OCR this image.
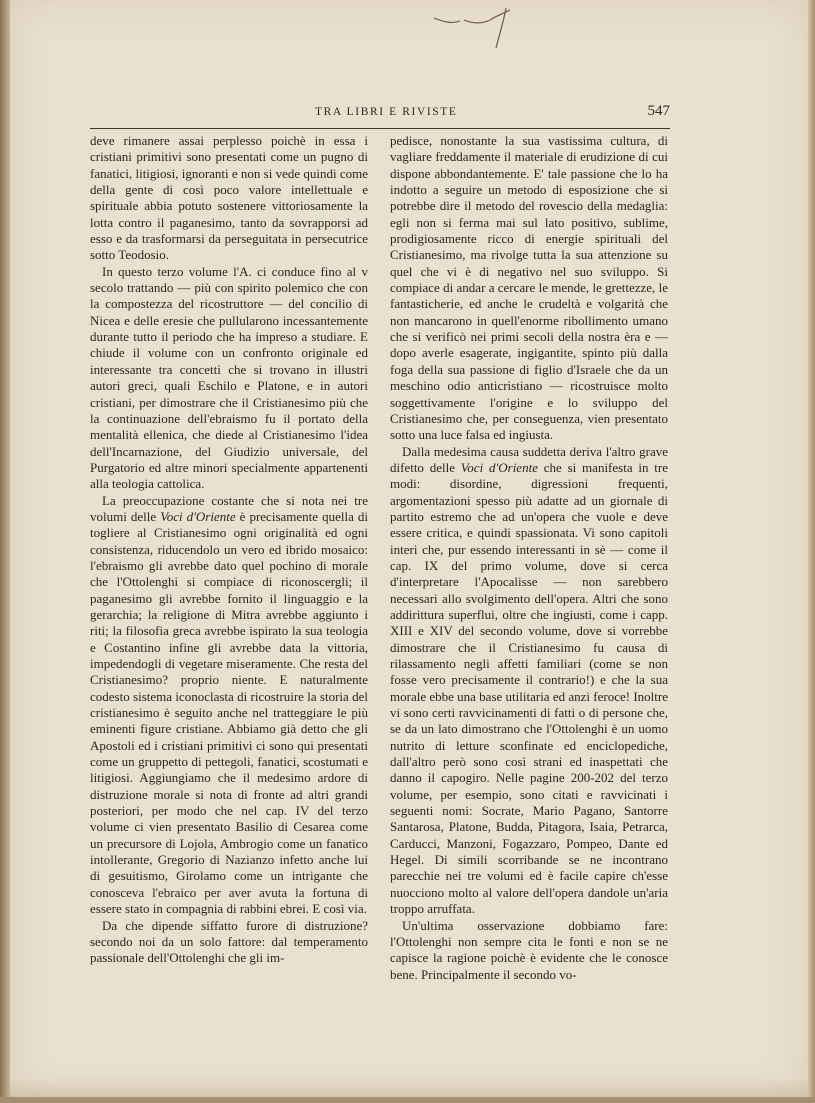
TRA LIBRI E RIVISTE	547

deve rimanere assai perplesso poichè in essa i cristiani primitivi sono presentati come un pugno di fanatici, litigiosi, ignoranti e non si vede quindi come della gente di così poco valore intellettuale e spirituale abbia potuto sostenere vittoriosamente la lotta contro il paganesimo, tanto da sovrapporsi ad esso e da trasformarsi da perseguitata in persecutrice sotto Teodosio.

In questo terzo volume l'A. ci conduce fino al v secolo trattando — più con spirito polemico che con la compostezza del ricostruttore — del concilio di Nicea e delle eresie che pullularono incessantemente durante tutto il periodo che ha impreso a studiare. E chiude il volume con un confronto originale ed interessante tra concetti che si trovano in illustri autori greci, quali Eschilo e Platone, e in autori cristiani, per dimostrare che il Cristianesimo più che la continuazione dell'ebraismo fu il portato della mentalità ellenica, che diede al Cristianesimo l'idea dell'Incarnazione, del Giudizio universale, del Purgatorio ed altre minori specialmente appartenenti alla teologia cattolica.

La preoccupazione costante che si nota nei tre volumi delle Voci d'Oriente è precisamente quella di togliere al Cristianesimo ogni originalità ed ogni consistenza, riducendolo un vero ed ibrido mosaico: l'ebraismo gli avrebbe dato quel pochino di morale che l'Ottolenghi si compiace di riconoscergli; il paganesimo gli avrebbe fornito il linguaggio e la gerarchia; la religione di Mitra avrebbe aggiunto i riti; la filosofia greca avrebbe ispirato la sua teologia e Costantino infine gli avrebbe data la vittoria, impedendogli di vegetare miseramente. Che resta del Cristianesimo? proprio niente. E naturalmente codesto sistema iconoclasta di ricostruire la storia del cristianesimo è seguito anche nel tratteggiare le più eminenti figure cristiane. Abbiamo già detto che gli Apostoli ed i cristiani primitivi ci sono qui presentati come un gruppetto di pettegoli, fanatici, scostumati e litigiosi. Aggiungiamo che il medesimo ardore di distruzione morale si nota di fronte ad altri grandi posteriori, per modo che nel cap. IV del terzo volume ci vien presentato Basilio di Cesarea come un precursore di Lojola, Ambrogio come un fanatico intollerante, Gregorio di Nazianzo infetto anche lui di gesuitismo, Girolamo come un intrigante che conosceva l'ebraico per aver avuta la fortuna di essere stato in compagnia di rabbini ebrei. E così via.

Da che dipende siffatto furore di distruzione? secondo noi da un solo fattore: dal temperamento passionale dell'Ottolenghi che gli im-

pedisce, nonostante la sua vastissima cultura, di vagliare freddamente il materiale di erudizione di cui dispone abbondantemente. E' tale passione che lo ha indotto a seguire un metodo di esposizione che si potrebbe dire il metodo del rovescio della medaglia: egli non si ferma mai sul lato positivo, sublime, prodigiosamente ricco di energie spirituali del Cristianesimo, ma rivolge tutta la sua attenzione su quel che vi è di negativo nel suo sviluppo. Si compiace di andar a cercare le mende, le grettezze, le fantasticherie, ed anche le crudeltà e volgarità che non mancarono in quell'enorme ribollimento umano che si verificò nei primi secoli della nostra èra e — dopo averle esagerate, ingigantite, spinto più dalla foga della sua passione di figlio d'Israele che da un meschino odio anticristiano — ricostruisce molto soggettivamente l'origine e lo sviluppo del Cristianesimo che, per conseguenza, vien presentato sotto una luce falsa ed ingiusta.

Dalla medesima causa suddetta deriva l'altro grave difetto delle Voci d'Oriente che si manifesta in tre modi: disordine, digressioni frequenti, argomentazioni spesso più adatte ad un giornale di partito estremo che ad un'opera che vuole e deve essere critica, e quindi spassionata. Vi sono capitoli interi che, pur essendo interessanti in sè — come il cap. IX del primo volume, dove si cerca d'interpretare l'Apocalisse — non sarebbero necessari allo svolgimento dell'opera. Altri che sono addirittura superflui, oltre che ingiusti, come i capp. XIII e XIV del secondo volume, dove si vorrebbe dimostrare che il Cristianesimo fu causa di rilassamento negli affetti familiari (come se non fosse vero precisamente il contrario!) e che la sua morale ebbe una base utilitaria ed anzi feroce! Inoltre vi sono certi ravvicinamenti di fatti o di persone che, se da un lato dimostrano che l'Ottolenghi è un uomo nutrito di letture sconfinate ed enciclopediche, dall'altro però sono così strani ed inaspettati che danno il capogiro. Nelle pagine 200-202 del terzo volume, per esempio, sono citati e ravvicinati i seguenti nomi: Socrate, Mario Pagano, Santorre Santarosa, Platone, Budda, Pitagora, Isaia, Petrarca, Carducci, Manzoni, Fogazzaro, Pompeo, Dante ed Hegel. Di simili scorribande se ne incontrano parecchie nei tre volumi ed è facile capire ch'esse nuocciono molto al valore dell'opera dandole un'aria troppo arruffata.

Un'ultima osservazione dobbiamo fare: l'Ottolenghi non sempre cita le fonti e non se ne capisce la ragione poichè è evidente che le conosce bene. Principalmente il secondo vo-
